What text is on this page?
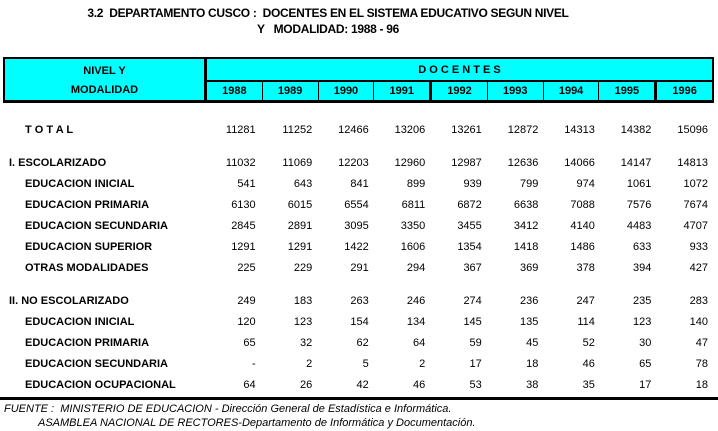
3.2  DEPARTAMENTO CUSCO :  DOCENTES EN EL SISTEMA EDUCATIVO SEGUN NIVEL
Y   MODALIDAD: 1988 - 96
NIVEL Y
MODALIDAD
D O C E N T E S
1988	1989	1990	1991	1992	1993	1994	1995	1996
T O T A L	11281	11252	12466	13206	13261	12872	14313	14382	15096

I. ESCOLARIZADO	11032	11069	12203	12960	12987	12636	14066	14147	14813
EDUCACION INICIAL	541	643	841	899	939	799	974	1061	1072
EDUCACION PRIMARIA	6130	6015	6554	6811	6872	6638	7088	7576	7674
EDUCACION SECUNDARIA	2845	2891	3095	3350	3455	3412	4140	4483	4707
EDUCACION SUPERIOR	1291	1291	1422	1606	1354	1418	1486	633	933
OTRAS MODALIDADES	225	229	291	294	367	369	378	394	427

II. NO ESCOLARIZADO	249	183	263	246	274	236	247	235	283
EDUCACION INICIAL	120	123	154	134	145	135	114	123	140
EDUCACION PRIMARIA	65	32	62	64	59	45	52	30	47
EDUCACION SECUNDARIA	-	2	5	2	17	18	46	65	78
EDUCACION OCUPACIONAL	64	26	42	46	53	38	35	17	18
FUENTE :  MINISTERIO DE EDUCACION - Dirección General de Estadística e Informática.
ASAMBLEA NACIONAL DE RECTORES-Departamento de Informática y Documentación.
